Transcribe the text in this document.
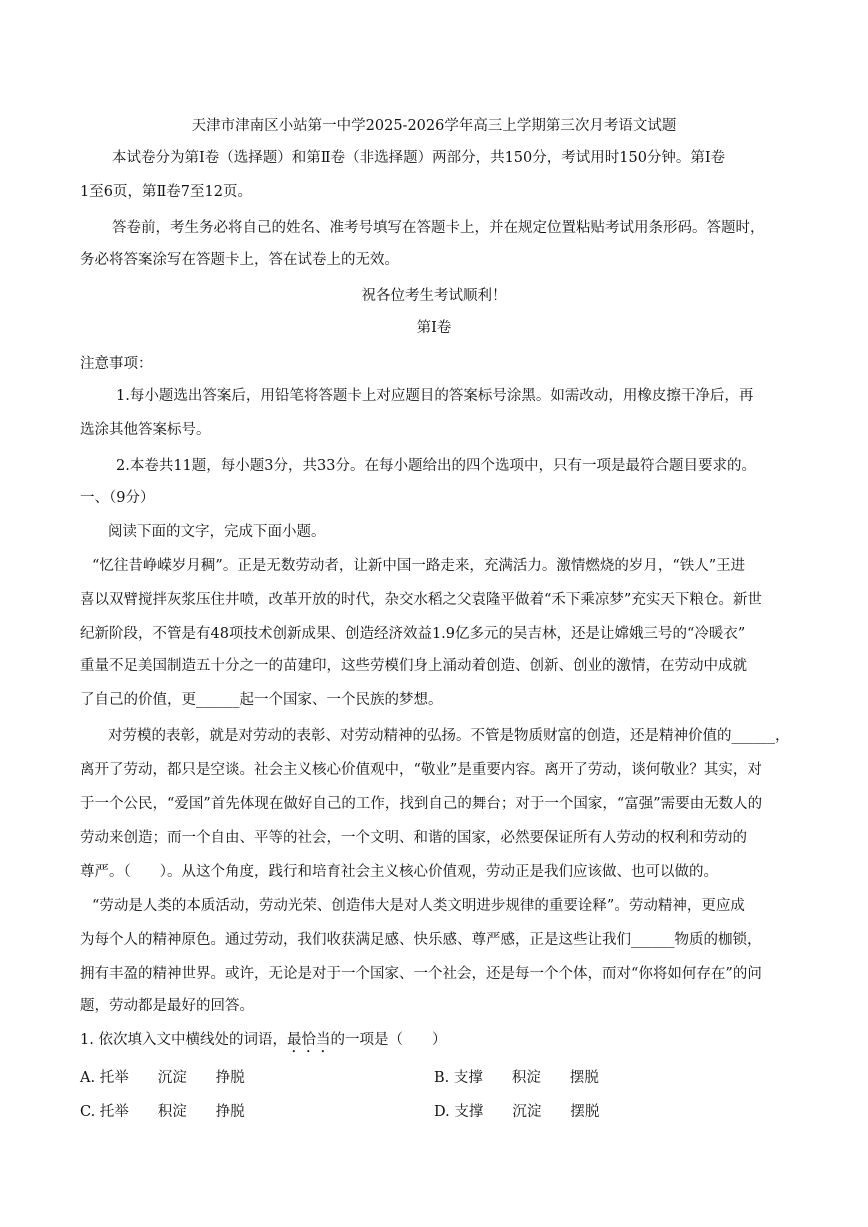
天津市津南区小站第一中学2025-2026学年高三上学期第三次月考语文试题
本试卷分为第Ⅰ卷（选择题）和第Ⅱ卷（非选择题）两部分，共150分，考试用时150分钟。第Ⅰ卷
1至6页，第Ⅱ卷7至12页。
答卷前，考生务必将自己的姓名、准考号填写在答题卡上，并在规定位置粘贴考试用条形码。答题时，
务必将答案涂写在答题卡上，答在试卷上的无效。
祝各位考生考试顺利！
第Ⅰ卷
注意事项：
1.每小题选出答案后，用铅笔将答题卡上对应题目的答案标号涂黑。如需改动，用橡皮擦干净后，再
选涂其他答案标号。
2.本卷共11题，每小题3分，共33分。在每小题给出的四个选项中，只有一项是最符合题目要求的。
一、（9分）
阅读下面的文字，完成下面小题。
“忆往昔峥嵘岁月稠”。正是无数劳动者，让新中国一路走来，充满活力。激情燃烧的岁月，“铁人”王进
喜以双臂搅拌灰浆压住井喷，改革开放的时代，杂交水稻之父袁隆平做着“禾下乘凉梦”充实天下粮仓。新世
纪新阶段，不管是有48项技术创新成果、创造经济效益1.9亿多元的吴吉林，还是让嫦娥三号的“冷暖衣”
重量不足美国制造五十分之一的苗建印，这些劳模们身上涌动着创造、创新、创业的激情，在劳动中成就
了自己的价值，更______起一个国家、一个民族的梦想。
对劳模的表彰，就是对劳动的表彰、对劳动精神的弘扬。不管是物质财富的创造，还是精神价值的______，
离开了劳动，都只是空谈。社会主义核心价值观中，“敬业”是重要内容。离开了劳动，谈何敬业？其实，对
于一个公民，“爱国”首先体现在做好自己的工作，找到自己的舞台；对于一个国家，“富强”需要由无数人的
劳动来创造；而一个自由、平等的社会，一个文明、和谐的国家，必然要保证所有人劳动的权利和劳动的
尊严。（　　）。从这个角度，践行和培育社会主义核心价值观，劳动正是我们应该做、也可以做的。
“劳动是人类的本质活动，劳动光荣、创造伟大是对人类文明进步规律的重要诠释”。劳动精神，更应成
为每个人的精神原色。通过劳动，我们收获满足感、快乐感、尊严感，正是这些让我们______物质的枷锁，
拥有丰盈的精神世界。或许，无论是对于一个国家、一个社会，还是每一个个体，而对“你将如何存在”的问
题，劳动都是最好的回答。
1. 依次填入文中横线处的词语，最恰当的一项是（　　）
A. 托举　　沉淀　　挣脱	B. 支撑　　积淀　　摆脱
C. 托举　　积淀　　挣脱	D. 支撑　　沉淀　　摆脱
